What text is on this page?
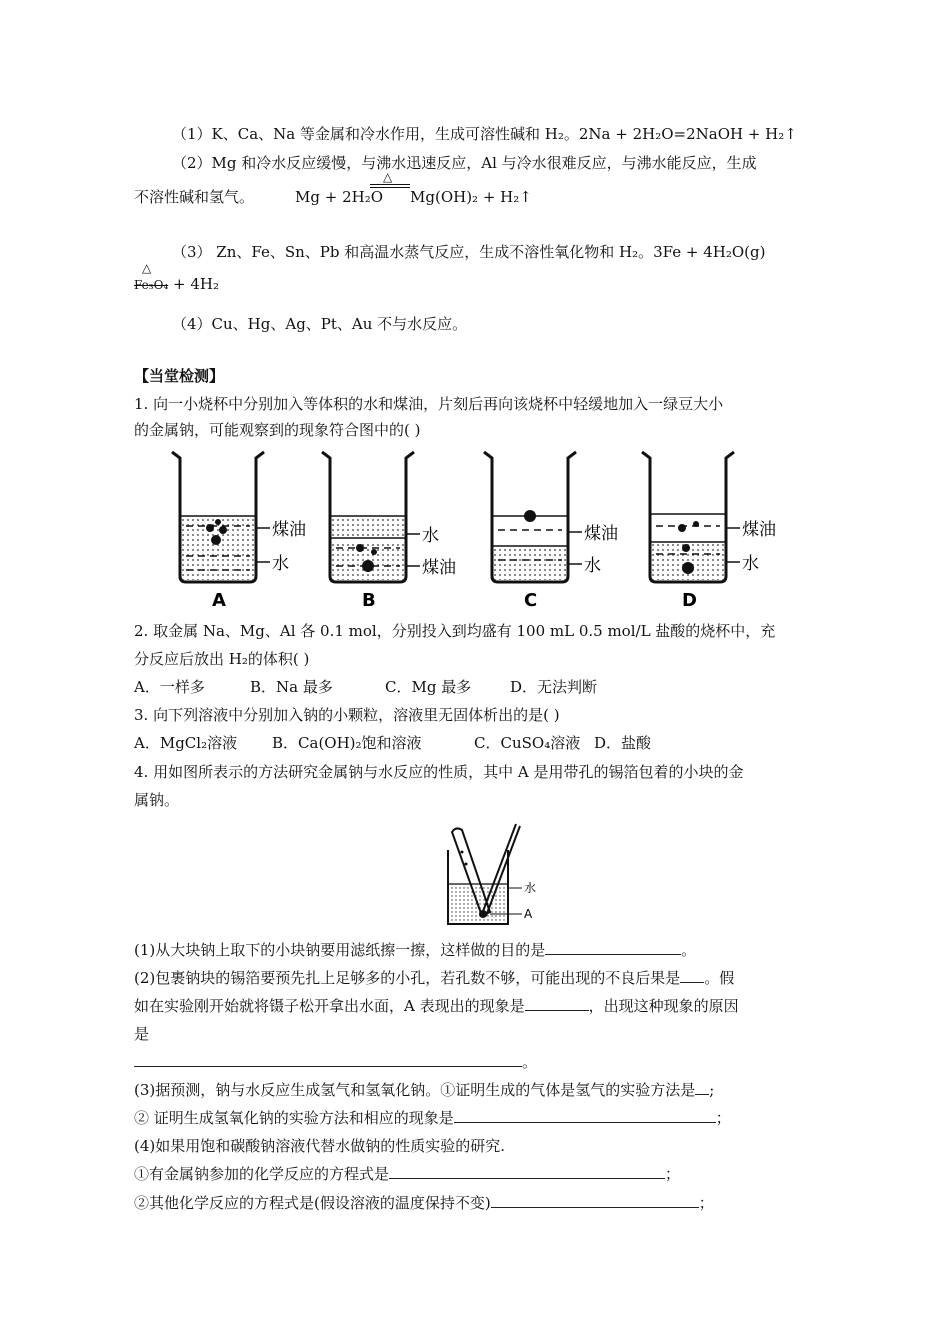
（1）K、Ca、Na 等金属和冷水作用，生成可溶性碱和 H₂。2Na + 2H₂O=2NaOH + H₂↑
（2）Mg 和冷水反应缓慢，与沸水迅速反应，Al 与冷水很难反应，与沸水能反应，生成
不溶性碱和氢气。	Mg + 2H₂O
△
Mg(OH)₂ + H₂↑
（3） Zn、Fe、Sn、Pb 和高温水蒸气反应，生成不溶性氧化物和 H₂。3Fe + 4H₂O(g)
△
Fe₃O₄ + 4H₂
（4）Cu、Hg、Ag、Pt、Au 不与水反应。
【当堂检测】
1. 向一小烧杯中分别加入等体积的水和煤油，片刻后再向该烧杯中轻缓地加入一绿豆大小
的金属钠，可能观察到的现象符合图中的( )
煤油
水
A
水
煤油
B
煤油
水
C
煤油
水
D
2. 取金属 Na、Mg、Al 各 0.1 mol，分别投入到均盛有 100 mL 0.5 mol/L 盐酸的烧杯中，充
分反应后放出 H₂的体积( )
A．一样多	B．Na 最多	C．Mg 最多	D．无法判断
3. 向下列溶液中分别加入钠的小颗粒，溶液里无固体析出的是( )
A．MgCl₂溶液 B．Ca(OH)₂饱和溶液	C．CuSO₄溶液 D．盐酸
4. 用如图所表示的方法研究金属钠与水反应的性质，其中 A 是用带孔的锡箔包着的小块的金
属钠。
水
A
(1)从大块钠上取下的小块钠要用滤纸擦一擦，这样做的目的是	。
(2)包裹钠块的锡箔要预先扎上足够多的小孔，若孔数不够，可能出现的不良后果是 。假
如在实验刚开始就将镊子松开拿出水面，A 表现出的现象是	，出现这种现象的原因
是
。
(3)据预测，钠与水反应生成氢气和氢氧化钠。①证明生成的气体是氢气的实验方法是 ;
② 证明生成氢氧化钠的实验方法和相应的现象是	；
(4)如果用饱和碳酸钠溶液代替水做钠的性质实验的研究.
①有金属钠参加的化学反应的方程式是	；
②其他化学反应的方程式是(假设溶液的温度保持不变)	；
